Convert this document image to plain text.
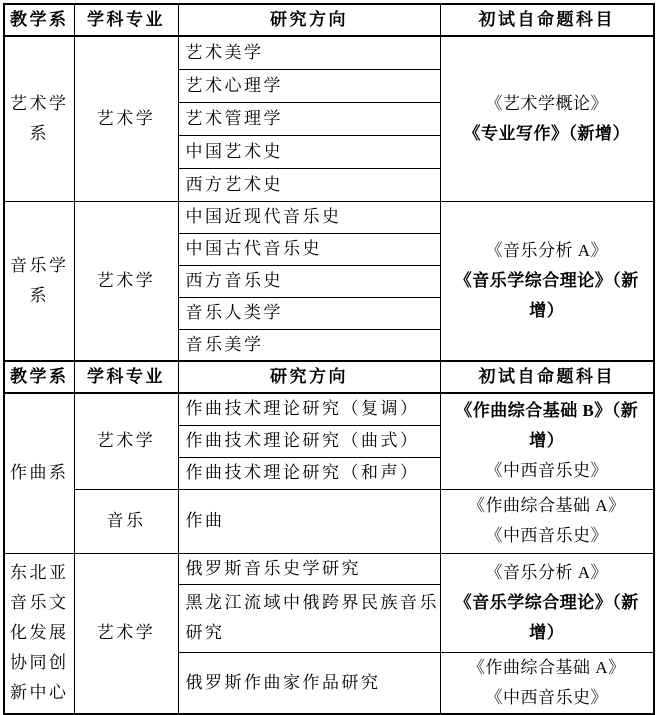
教学系	学科专业	研究方向	初试自命题科目
艺术学系	艺术学	艺术美学	《艺术学概论》
《专业写作》（新增）

		艺术心理学	
		艺术管理学	
		中国艺术史	
		西方艺术史	
音乐学系	艺术学	中国近现代音乐史	《音乐分析 A》
《音乐学综合理论》（新增）

		中国古代音乐史	
		西方音乐史	
		音乐人类学	
		音乐美学	
教学系	学科专业	研究方向	初试自命题科目
作曲系	艺术学	作曲技术理论研究（复调）	《作曲综合基础 B》（新增）
《中西音乐史》

		作曲技术理论研究（曲式）	
		作曲技术理论研究（和声）	
	音乐	作曲	《作曲综合基础 A》
《中西音乐史》

东北亚音乐文化发展协同创新中心	艺术学	俄罗斯音乐史学研究	《音乐分析 A》
《音乐学综合理论》（新增）

		黑龙江流域中俄跨界民族音乐研究	
		俄罗斯作曲家作品研究	《作曲综合基础 A》
《中西音乐史》
